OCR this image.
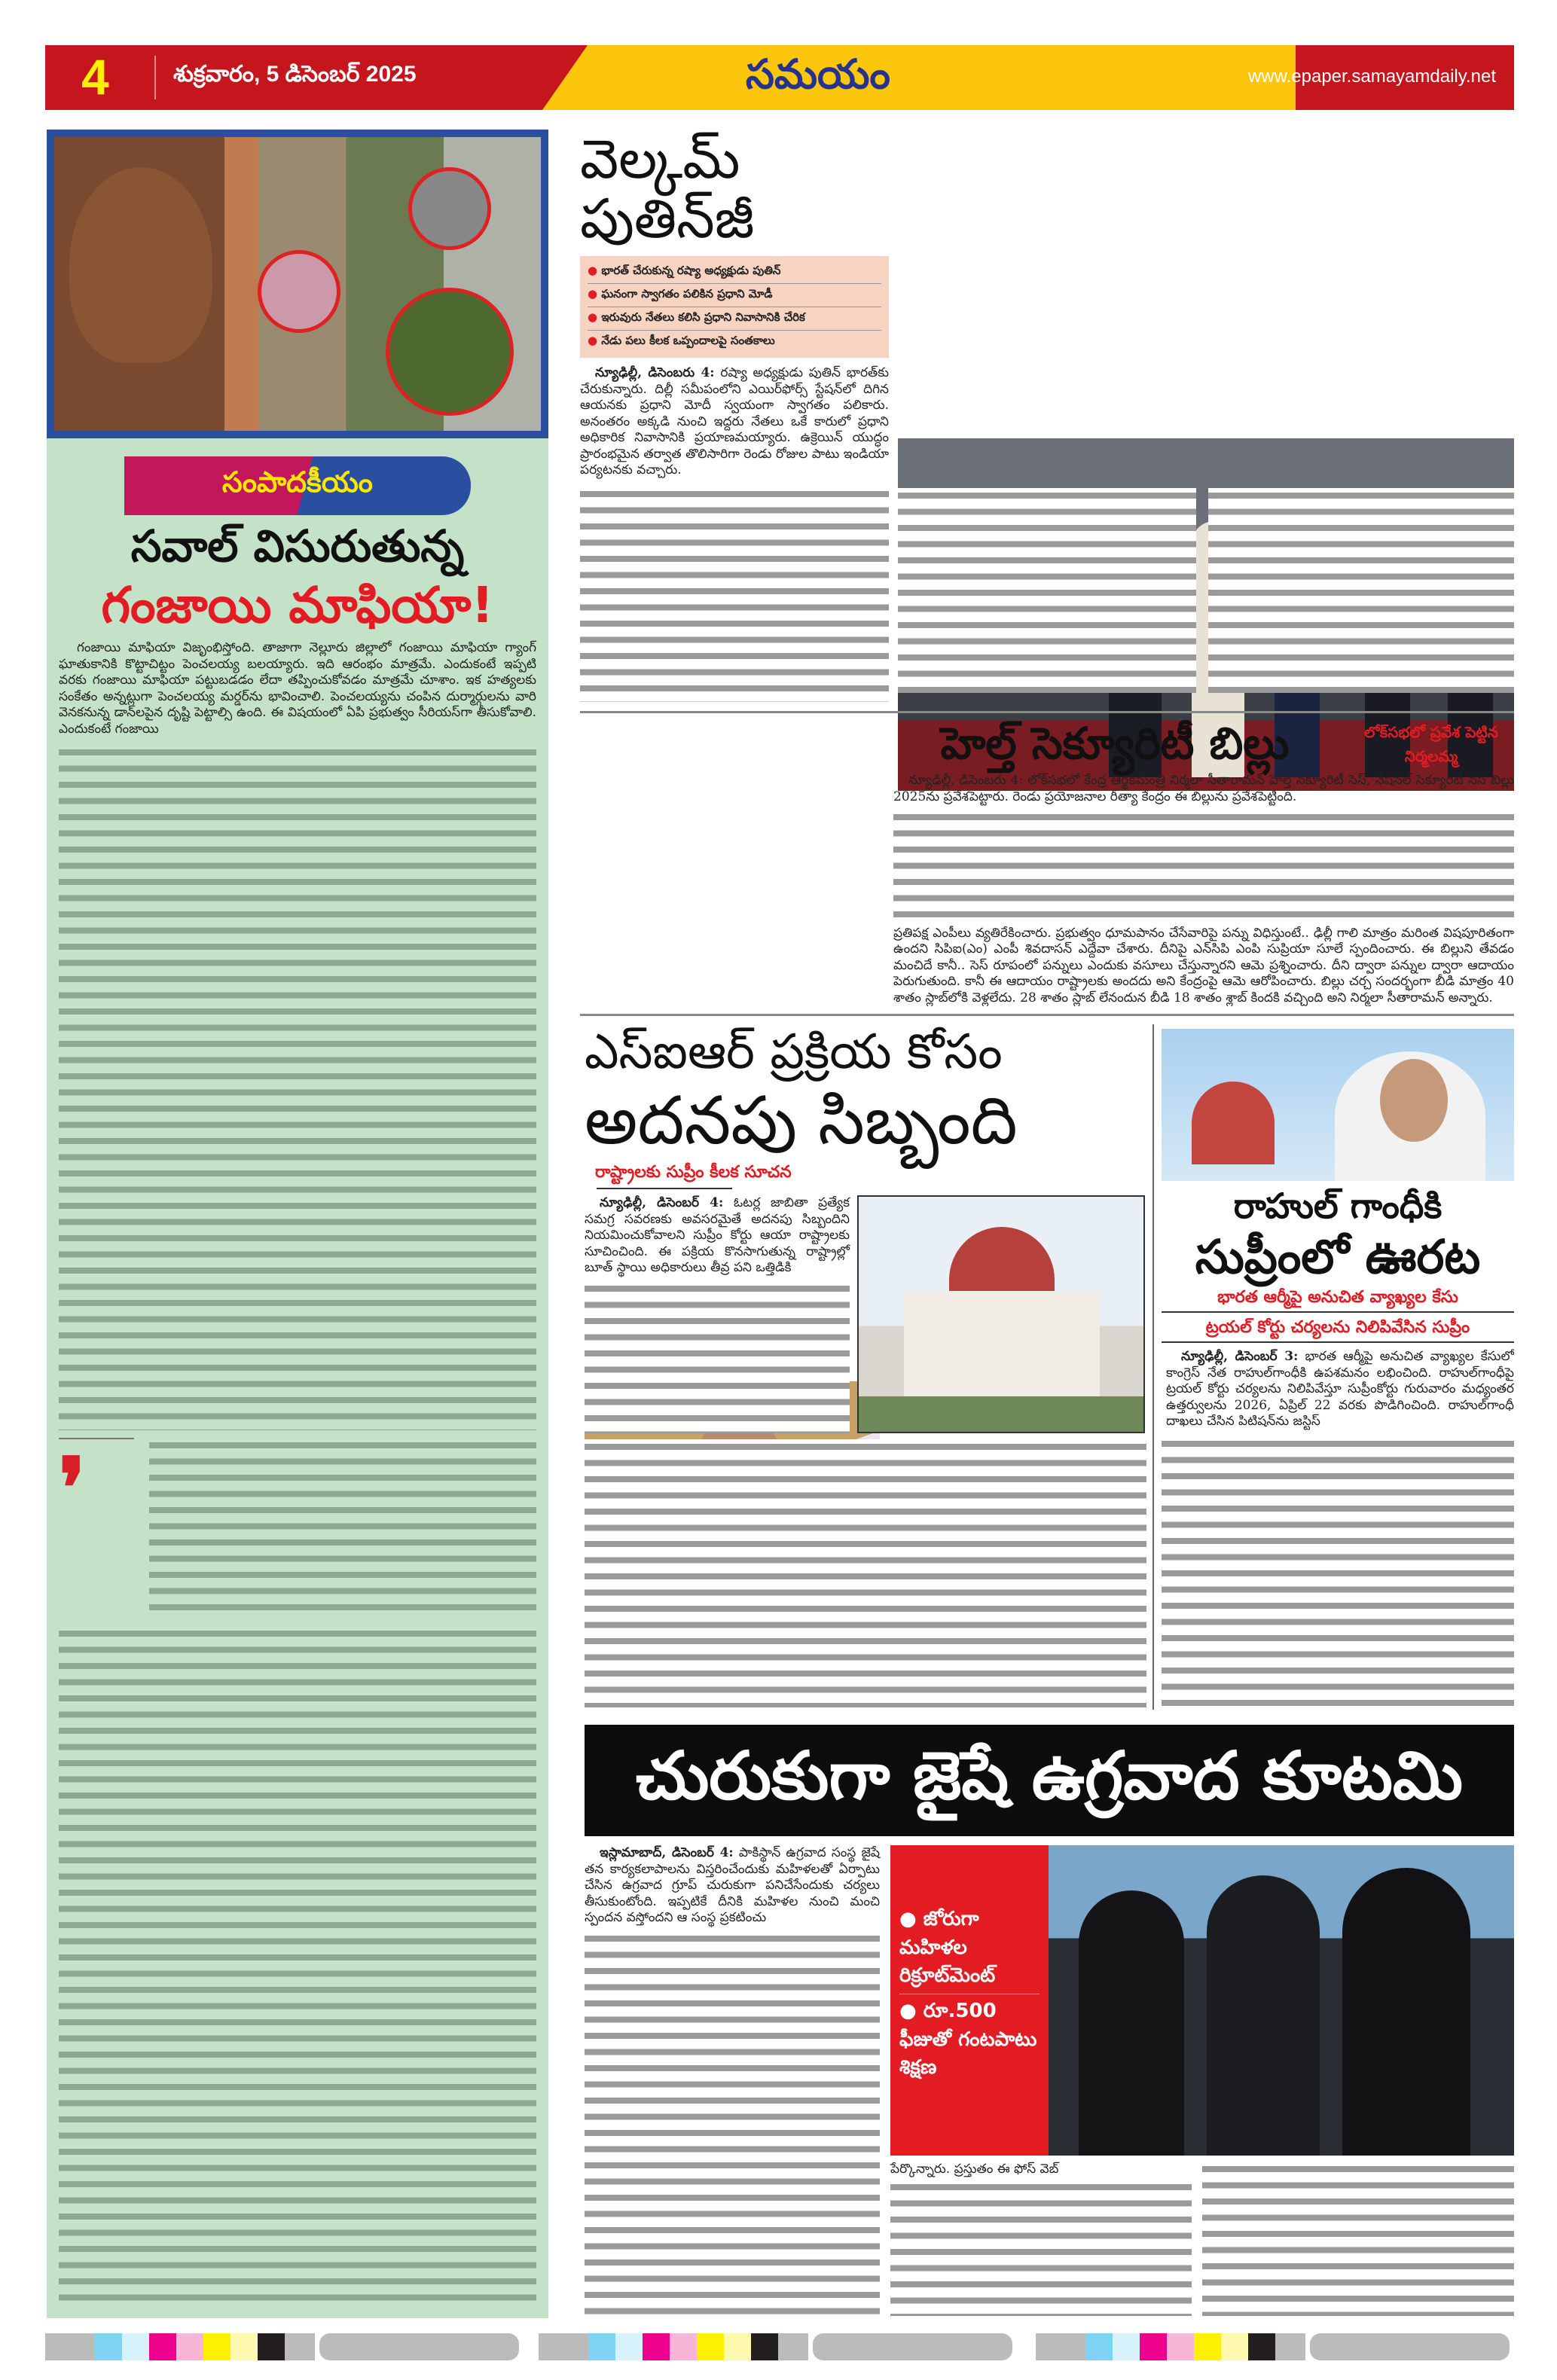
4	శుక్రవారం, 5 డిసెంబర్ 2025	సమయం	www.epaper.samayamdaily.net
సంపాదకీయం
సవాల్ విసురుతున్న
గంజాయి మాఫియా!
గంజాయి మాఫియా విజృంభిస్తోంది. తాజాగా నెల్లూరు జిల్లాలో గంజాయి మాఫియా గ్యాంగ్ ఘాతుకానికి కొట్టాచిట్టం పెంచలయ్య బలయ్యారు. ఇది ఆరంభం మాత్రమే. ఎందుకంటే ఇప్పటి వరకు గంజాయి మాఫియా పట్టుబడడం లేదా తప్పించుకోవడం మాత్రమే చూశాం. ఇక హత్యలకు సంకేతం అన్నట్లుగా పెంచలయ్య మర్డర్‌ను భావించాలి. పెంచలయ్యను చంపిన దుర్మార్గులను వారి వెనకనున్న డాన్‌లపైన దృష్టి పెట్టాల్సి ఉంది. ఈ విషయంలో ఏపి ప్రభుత్వం సీరియస్‌గా తీసుకోవాలి. ఎందుకంటే గంజాయి
❜
వెల్కమ్ పుతిన్‌జీ
● భారత్ చేరుకున్న రష్యా అధ్యక్షుడు పుతిన్
● ఘనంగా స్వాగతం పలికిన ప్రధాని మోడీ
● ఇరువురు నేతలు కలిసి ప్రధాని నివాసానికి చేరిక
● నేడు పలు కీలక ఒప్పందాలపై సంతకాలు
న్యూఢిల్లీ, డిసెంబరు 4: రష్యా అధ్యక్షుడు పుతిన్ భారత్‌కు చేరుకున్నారు. దిల్లీ సమీపంలోని ఎయిర్‌ఫోర్స్ స్టేషన్‌లో దిగిన ఆయనకు ప్రధాని మోదీ స్వయంగా స్వాగతం పలికారు. అనంతరం అక్కడి నుంచి ఇద్దరు నేతలు ఒకే కారులో ప్రధాని అధికారిక నివాసానికి ప్రయాణమయ్యారు. ఉక్రెయిన్ యుద్ధం ప్రారంభమైన తర్వాత తొలిసారిగా రెండు రోజుల పాటు ఇండియా పర్యటనకు వచ్చారు.
హెల్త్ సెక్యూరిటీ బిల్లు	లోక్‌సభలో ప్రవేశ పెట్టిన
నిర్మలమ్మ
న్యూఢిల్లీ, డిసెంబరు 4: లోక్‌సభలో కేంద్ర ఆర్థికమంత్రి నిర్మలా సీతారామన్ హెల్త్ సెక్యూరిటీ సెస్, నేషనల్ సెక్యూరిటీ సెస్ బిల్లు 2025ను ప్రవేశపెట్టారు. రెండు ప్రయోజనాల రీత్యా కేంద్రం ఈ బిల్లును ప్రవేశపెట్టింది.
ప్రతిపక్ష ఎంపీలు వ్యతిరేకించారు. ప్రభుత్వం ధూమపానం చేసేవారిపై పన్ను విధిస్తుంటే.. ఢిల్లీ గాలి మాత్రం మరింత విషపూరితంగా ఉందని సిపిఐ(ఎం) ఎంపీ శివదాసన్ ఎద్దేవా చేశారు. దీనిపై ఎన్‌సిపి ఎంపి సుప్రియా సూలే స్పందించారు. ఈ బిల్లుని తేవడం మంచిదే కానీ.. సెస్ రూపంలో పన్నులు ఎందుకు వసూలు చేస్తున్నారని ఆమె ప్రశ్నించారు. దీని ద్వారా పన్నుల ద్వారా ఆదాయం పెరుగుతుంది. కానీ ఈ ఆదాయం రాష్ట్రాలకు అందదు అని కేంద్రంపై ఆమె ఆరోపించారు. బిల్లు చర్చ సందర్భంగా బీడి మాత్రం 40 శాతం స్లాబ్‌లోకి వెళ్లలేదు. 28 శాతం స్లాబ్ లేనందున బీడి 18 శాతం శ్లాబ్ కిందకి వచ్చింది అని నిర్మలా సీతారామన్ అన్నారు.
ఎస్ఐఆర్ ప్రక్రియ కోసం
అదనపు సిబ్బంది
రాష్ట్రాలకు సుప్రీం కీలక సూచన
న్యూఢిల్లీ, డిసెంబర్ 4: ఓటర్ల జాబితా ప్రత్యేక సమగ్ర సవరణకు అవసరమైతే అదనపు సిబ్బందిని నియమించుకోవాలని సుప్రీం కోర్టు ఆయా రాష్ట్రాలకు సూచించింది. ఈ పక్రియ కొనసాగుతున్న రాష్ట్రాల్లో బూత్ స్థాయి అధికారులు తీవ్ర పని ఒత్తిడికి
రాహుల్ గాంధీకి
సుప్రీంలో ఊరట
భారత ఆర్మీపై అనుచిత వ్యాఖ్యల కేసు
ట్రయల్ కోర్టు చర్యలను నిలిపివేసిన సుప్రీం
న్యూఢిల్లీ, డిసెంబర్ 3: భారత ఆర్మీపై అనుచిత వ్యాఖ్యల కేసులో కాంగ్రెస్ నేత రాహుల్‌గాంధీకి ఉపశమనం లభించింది. రాహుల్‌గాంధీపై ట్రయల్ కోర్టు చర్యలను నిలిపివేస్తూ సుప్రీంకోర్టు గురువారం మధ్యంతర ఉత్తర్వులను 2026, ఏప్రిల్ 22 వరకు పొడిగించింది. రాహుల్‌గాంధీ దాఖలు చేసిన పిటిషన్‌ను జస్టిస్
చురుకుగా జైషే ఉగ్రవాద కూటమి
ఇస్లామాబాద్, డిసెంబర్ 4: పాకిస్థాన్ ఉగ్రవాద సంస్థ జైషే తన కార్యకలాపాలను విస్తరించేందుకు మహిళలతో ఏర్పాటు చేసిన ఉగ్రవాద గ్రూప్ చురుకుగా పనిచేసేందుకు చర్యలు తీసుకుంటోంది. ఇప్పటికే దీనికి మహిళల నుంచి మంచి స్పందన వస్తోందని ఆ సంస్థ ప్రకటించు	● జోరుగా మహిళల రిక్రూట్‌మెంట్
● రూ.500 ఫీజుతో గంటపాటు శిక్షణ
పేర్కొన్నారు. ప్రస్తుతం ఈ ఫోస్ వెబ్
